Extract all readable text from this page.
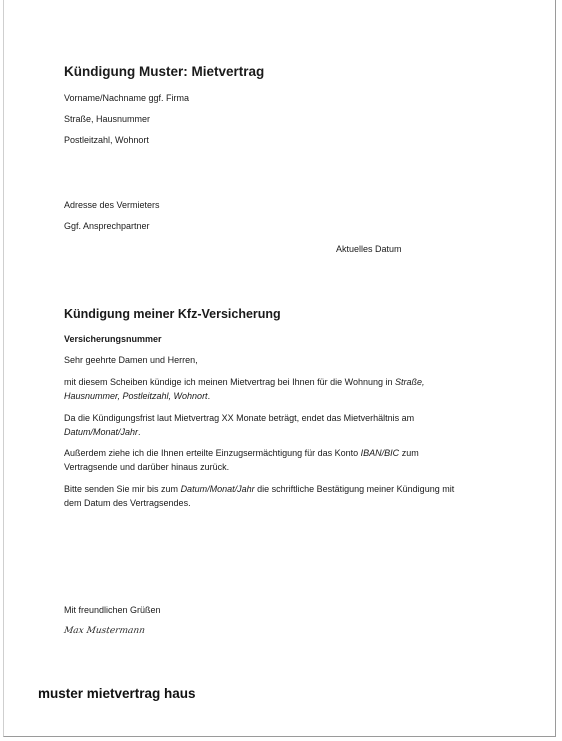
Kündigung Muster: Mietvertrag
Vorname/Nachname ggf. Firma
Straße, Hausnummer
Postleitzahl, Wohnort
Adresse des Vermieters
Ggf. Ansprechpartner
Aktuelles Datum
Kündigung meiner Kfz-Versicherung
Versicherungsnummer
Sehr geehrte Damen und Herren,
mit diesem Scheiben kündige ich meinen Mietvertrag bei Ihnen für die Wohnung in Straße,
Hausnummer, Postleitzahl, Wohnort.
Da die Kündigungsfrist laut Mietvertrag XX Monate beträgt, endet das Mietverhältnis am
Datum/Monat/Jahr.
Außerdem ziehe ich die Ihnen erteilte Einzugsermächtigung für das Konto IBAN/BIC zum
Vertragsende und darüber hinaus zurück.
Bitte senden Sie mir bis zum Datum/Monat/Jahr die schriftliche Bestätigung meiner Kündigung mit
dem Datum des Vertragsendes.
Mit freundlichen Grüßen
Max Mustermann
muster mietvertrag haus
